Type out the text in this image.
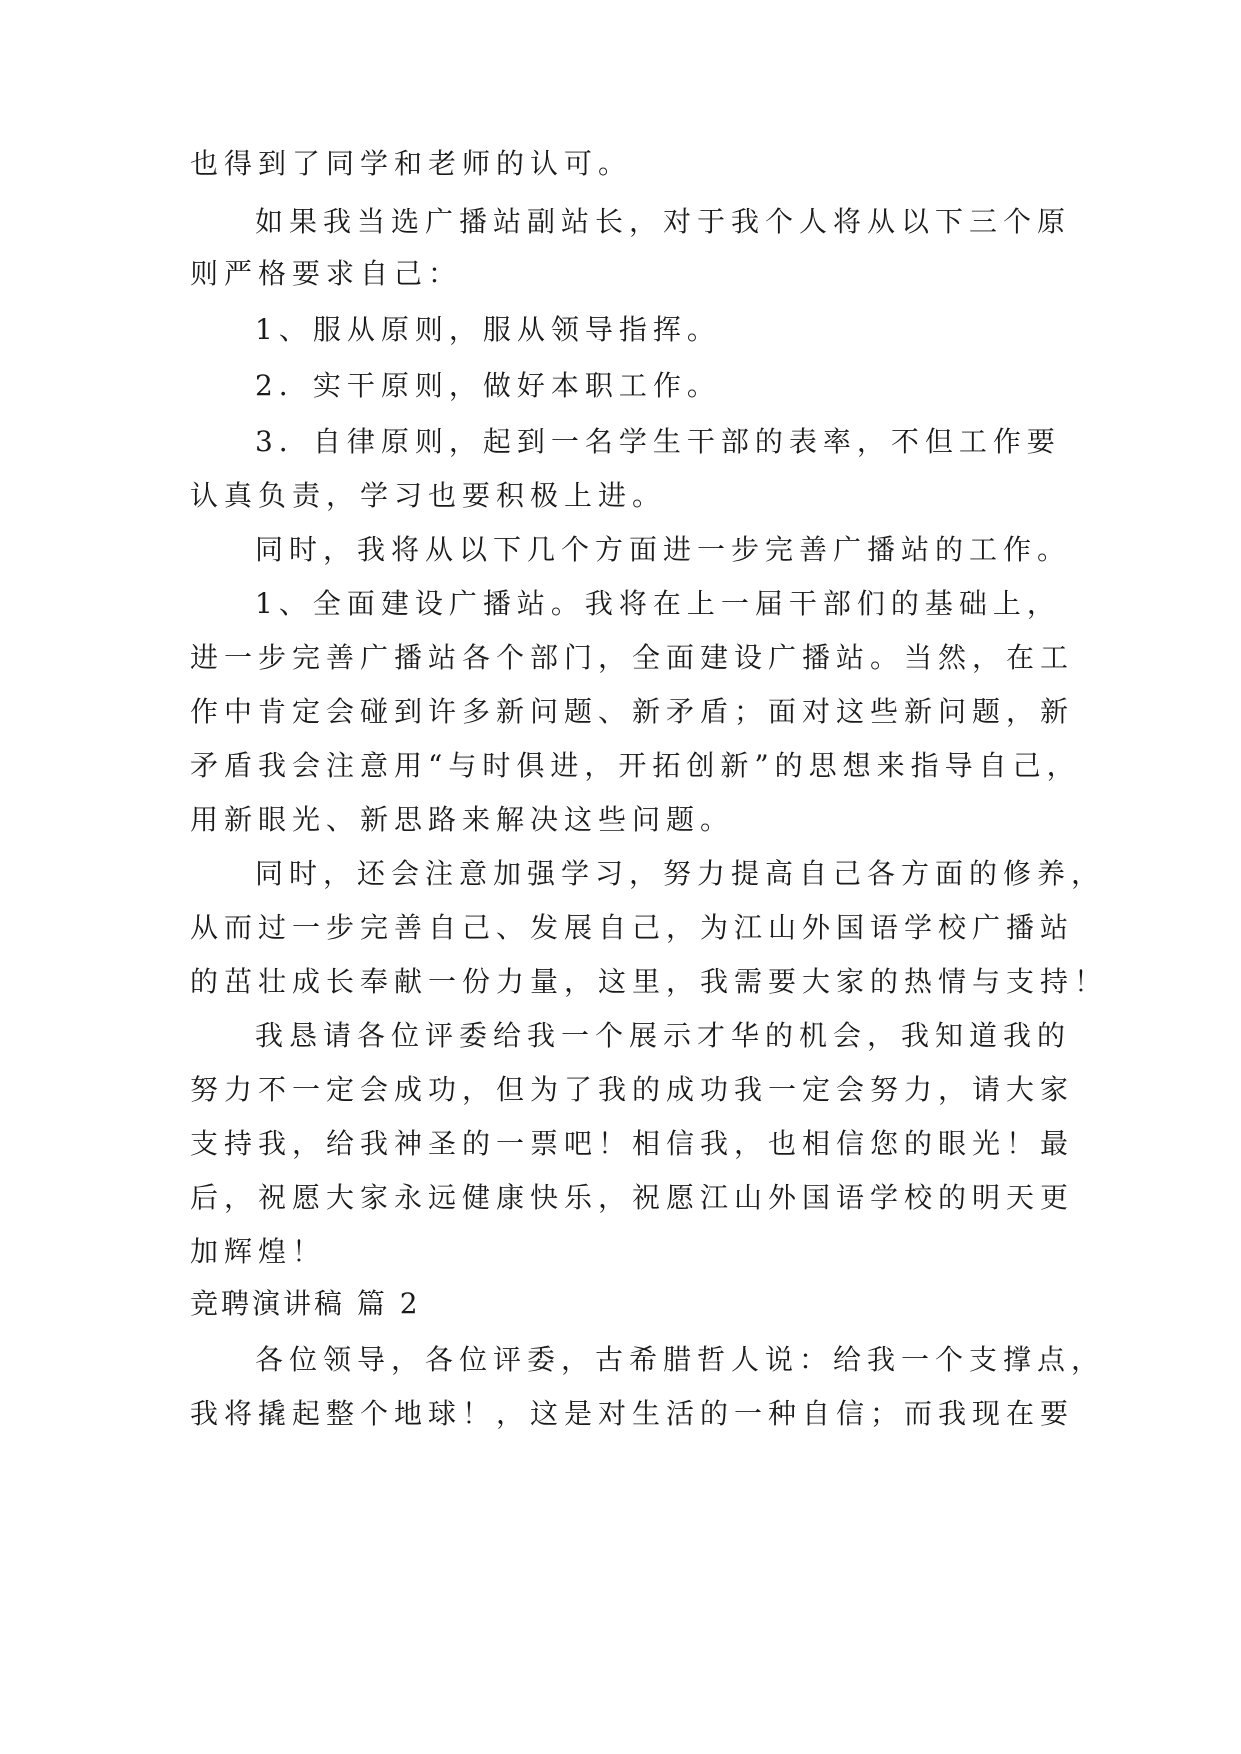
也得到了同学和老师的认可。
如果我当选广播站副站长，对于我个人将从以下三个原
则严格要求自己：
1、服从原则，服从领导指挥。
2．实干原则，做好本职工作。
3．自律原则，起到一名学生干部的表率，不但工作要
认真负责，学习也要积极上进。
同时，我将从以下几个方面进一步完善广播站的工作。
1、全面建设广播站。我将在上一届干部们的基础上，
进一步完善广播站各个部门，全面建设广播站。当然，在工
作中肯定会碰到许多新问题、新矛盾；面对这些新问题，新
矛盾我会注意用“与时俱进，开拓创新”的思想来指导自己，
用新眼光、新思路来解决这些问题。
同时，还会注意加强学习，努力提高自己各方面的修养，
从而过一步完善自己、发展自己，为江山外国语学校广播站
的茁壮成长奉献一份力量，这里，我需要大家的热情与支持！
我恳请各位评委给我一个展示才华的机会，我知道我的
努力不一定会成功，但为了我的成功我一定会努力，请大家
支持我，给我神圣的一票吧！相信我，也相信您的眼光！最
后，祝愿大家永远健康快乐，祝愿江山外国语学校的明天更
加辉煌！
竞聘演讲稿 篇 2
各位领导，各位评委，古希腊哲人说：给我一个支撑点，
我将撬起整个地球！，这是对生活的一种自信；而我现在要
